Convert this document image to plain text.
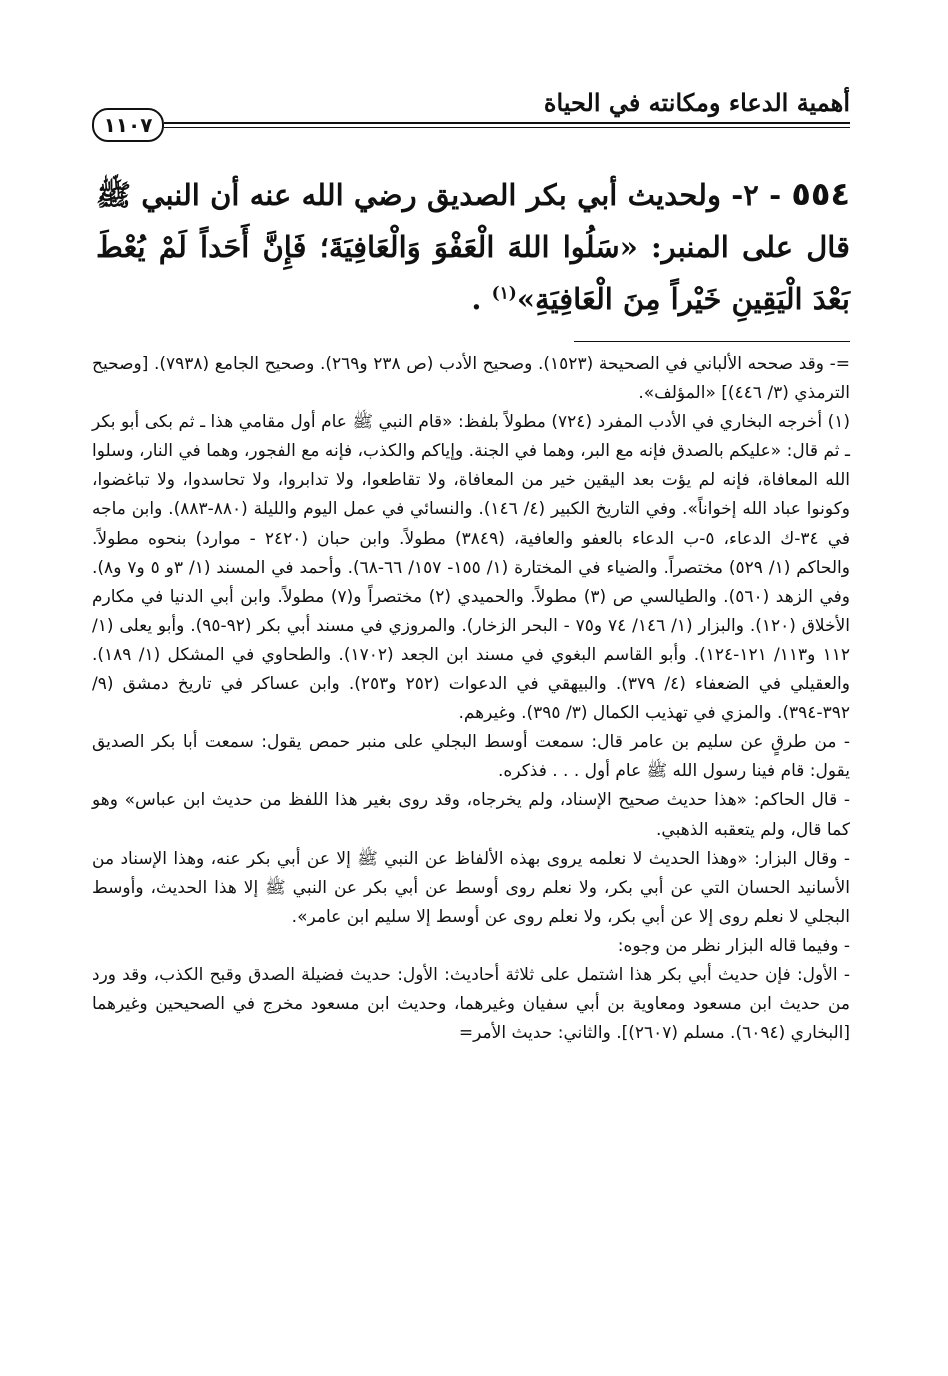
أهمية الدعاء ومكانته في الحياة
١١٠٧
٥٥٤ - ٢- ولحديث أبي بكر الصديق رضي الله عنه أن النبي ﷺ قال على المنبر: «سَلُوا اللهَ الْعَفْوَ وَالْعَافِيَةَ؛ فَإِنَّ أَحَداً لَمْ يُعْطَ بَعْدَ الْيَقِينِ خَيْراً مِنَ الْعَافِيَةِ»$^{(١)}$ .

=- وقد صححه الألباني في الصحيحة (١٥٢٣). وصحيح الأدب (ص ٢٣٨ و٢٦٩). وصحيح الجامع (٧٩٣٨). [وصحيح الترمذي (٣/ ٤٤٦)] «المؤلف».

(١) أخرجه البخاري في الأدب المفرد (٧٢٤) مطولاً بلفظ: «قام النبي ﷺ عام أول مقامي هذا ـ ثم بكى أبو بكر ـ ثم قال: «عليكم بالصدق فإنه مع البر، وهما في الجنة. وإياكم والكذب، فإنه مع الفجور، وهما في النار، وسلوا الله المعافاة، فإنه لم يؤت بعد اليقين خير من المعافاة، ولا تقاطعوا، ولا تدابروا، ولا تحاسدوا، ولا تباغضوا، وكونوا عباد الله إخواناً». وفي التاريخ الكبير (٤/ ١٤٦). والنسائي في عمل اليوم والليلة (٨٨٠-٨٨٣). وابن ماجه في ٣٤-ك الدعاء، ٥-ب الدعاء بالعفو والعافية، (٣٨٤٩) مطولاً. وابن حبان (٢٤٢٠ - موارد) بنحوه مطولاً. والحاكم (١/ ٥٢٩) مختصراً. والضياء في المختارة (١/ ١٥٥- ١٥٧/ ٦٦-٦٨). وأحمد في المسند (١/ ٣و ٥ و٧ و٨). وفي الزهد (٥٦٠). والطيالسي ص (٣) مطولاً. والحميدي (٢) مختصراً و(٧) مطولاً. وابن أبي الدنيا في مكارم الأخلاق (١٢٠). والبزار (١/ ١٤٦/ ٧٤ و٧٥ - البحر الزخار). والمروزي في مسند أبي بكر (٩٢-٩٥). وأبو يعلى (١/ ١١٢ و١١٣/ ١٢١-١٢٤). وأبو القاسم البغوي في مسند ابن الجعد (١٧٠٢). والطحاوي في المشكل (١/ ١٨٩). والعقيلي في الضعفاء (٤/ ٣٧٩). والبيهقي في الدعوات (٢٥٢ و٢٥٣). وابن عساكر في تاريخ دمشق (٩/ ٣٩٢-٣٩٤). والمزي في تهذيب الكمال (٣/ ٣٩٥). وغيرهم.

- من طرقٍ عن سليم بن عامر قال: سمعت أوسط البجلي على منبر حمص يقول: سمعت أبا بكر الصديق يقول: قام فينا رسول الله ﷺ عام أول . . . فذكره.

- قال الحاكم: «هذا حديث صحيح الإسناد، ولم يخرجاه، وقد روى بغير هذا اللفظ من حديث ابن عباس» وهو كما قال، ولم يتعقبه الذهبي.

- وقال البزار: «وهذا الحديث لا نعلمه يروى بهذه الألفاظ عن النبي ﷺ إلا عن أبي بكر عنه، وهذا الإسناد من الأسانيد الحسان التي عن أبي بكر، ولا نعلم روى أوسط عن أبي بكر عن النبي ﷺ إلا هذا الحديث، وأوسط البجلي لا نعلم روى إلا عن أبي بكر، ولا نعلم روى عن أوسط إلا سليم ابن عامر».

- وفيما قاله البزار نظر من وجوه:

- الأول: فإن حديث أبي بكر هذا اشتمل على ثلاثة أحاديث: الأول: حديث فضيلة الصدق وقبح الكذب، وقد ورد من حديث ابن مسعود ومعاوية بن أبي سفيان وغيرهما، وحديث ابن مسعود مخرج في الصحيحين وغيرهما [البخاري (٦٠٩٤). مسلم (٢٦٠٧)]. والثاني: حديث الأمر=
